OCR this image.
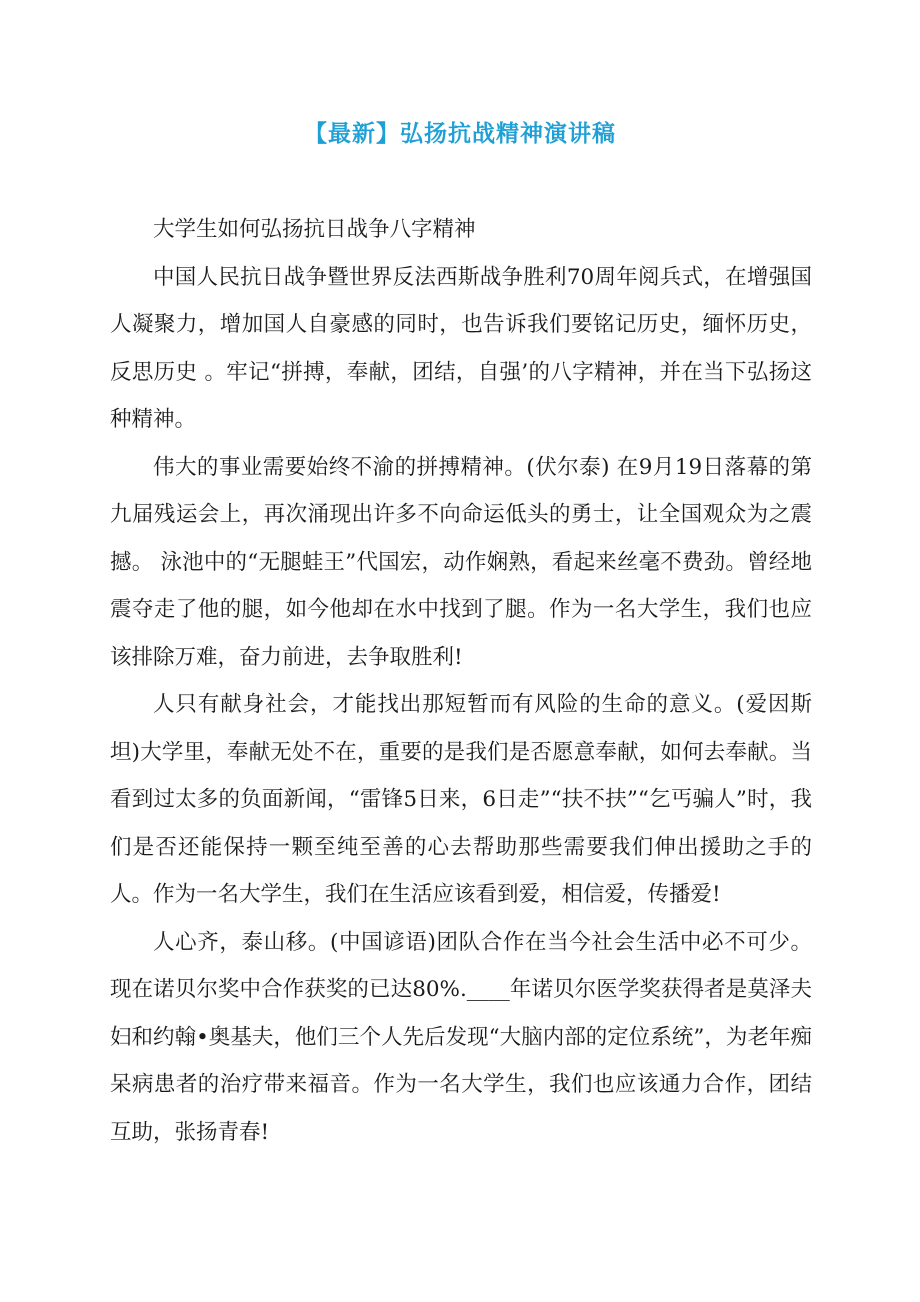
【最新】弘扬抗战精神演讲稿

大学生如何弘扬抗日战争八字精神

中国人民抗日战争暨世界反法西斯战争胜利70周年阅兵式，在增强国人凝聚力，增加国人自豪感的同时，也告诉我们要铭记历史，缅怀历史，反思历史 。牢记“拼搏，奉献，团结，自强’的八字精神，并在当下弘扬这种精神。

伟大的事业需要始终不渝的拼搏精神。(伏尔泰) 在9月19日落幕的第九届残运会上，再次涌现出许多不向命运低头的勇士，让全国观众为之震撼。 泳池中的“无腿蛙王”代国宏，动作娴熟，看起来丝毫不费劲。曾经地震夺走了他的腿，如今他却在水中找到了腿。作为一名大学生，我们也应该排除万难，奋力前进，去争取胜利!

人只有献身社会，才能找出那短暂而有风险的生命的意义。(爱因斯坦)大学里，奉献无处不在，重要的是我们是否愿意奉献，如何去奉献。当看到过太多的负面新闻，“雷锋5日来，6日走”“扶不扶”“乞丐骗人”时，我们是否还能保持一颗至纯至善的心去帮助那些需要我们伸出援助之手的人。作为一名大学生，我们在生活应该看到爱，相信爱，传播爱!

人心齐，泰山移。(中国谚语)团队合作在当今社会生活中必不可少。现在诺贝尔奖中合作获奖的已达80%.____年诺贝尔医学奖获得者是莫泽夫妇和约翰•奥基夫，他们三个人先后发现“大脑内部的定位系统”，为老年痴呆病患者的治疗带来福音。作为一名大学生，我们也应该通力合作，团结互助，张扬青春!
